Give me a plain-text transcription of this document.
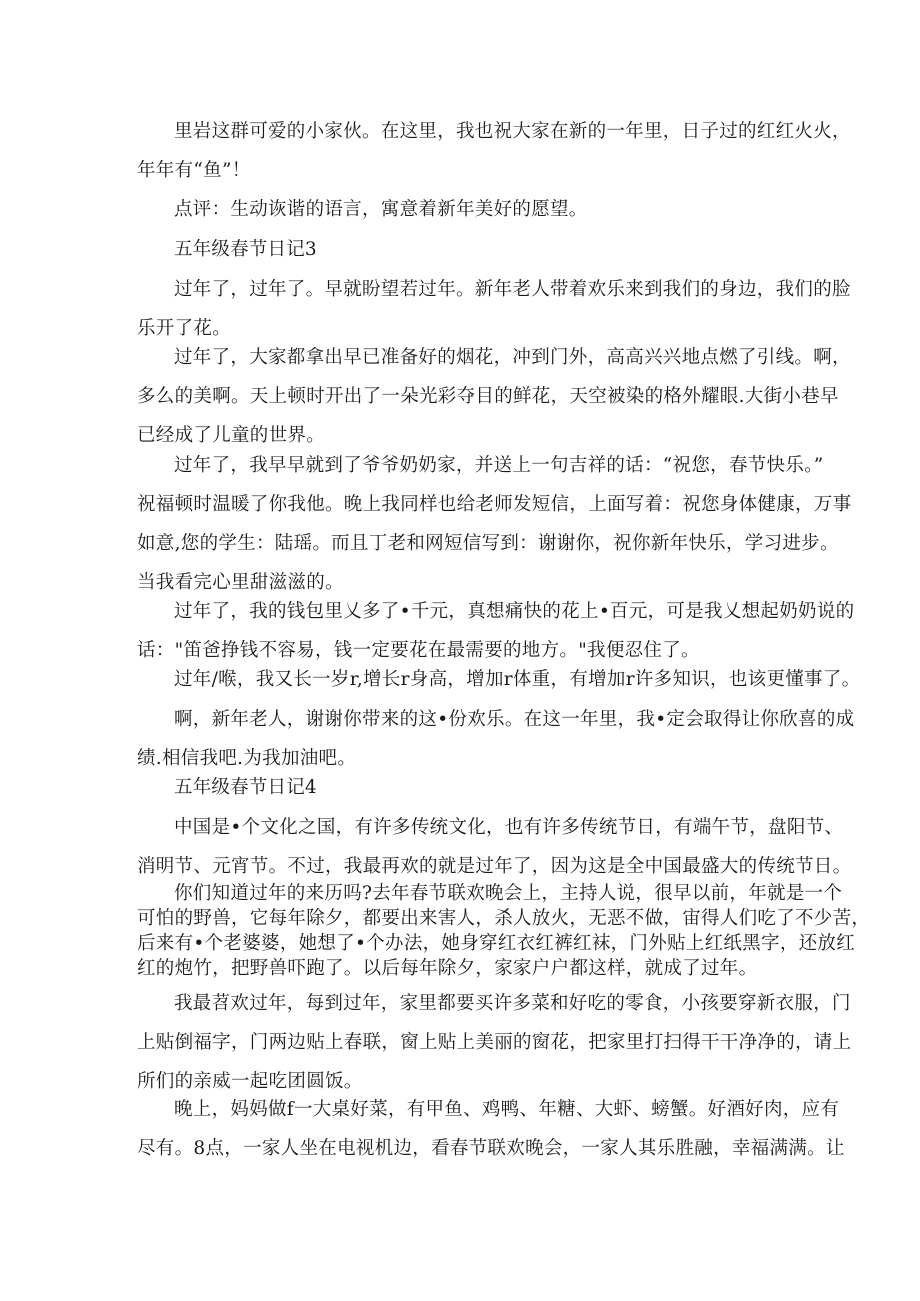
里岩这群可爱的小家伙。在这里，我也祝大家在新的一年里，日子过的红红火火，
年年有“鱼”！
点评：生动诙谐的语言，寓意着新年美好的愿望。
五年级春节日记3
过年了，过年了。早就盼望若过年。新年老人带着欢乐来到我们的身边，我们的脸
乐开了花。
过年了，大家都拿出早已准备好的烟花，冲到门外，高高兴兴地点燃了引线。啊，
多么的美啊。天上顿时开出了一朵光彩夺目的鲜花，天空被染的格外耀眼.大街小巷早
已经成了儿童的世界。
过年了，我早早就到了爷爷奶奶家，并送上一句吉祥的话：“祝您，春节快乐。”
祝福顿时温暖了你我他。晚上我同样也给老师发短信，上面写着：祝您身体健康，万事
如意,您的学生：陆瑶。而且丁老和网短信写到：谢谢你，祝你新年快乐，学习进步。
当我看完心里甜滋滋的。
过年了，我的钱包里乂多了•千元，真想痛快的花上•百元，可是我乂想起奶奶说的
话："笛爸挣钱不容易，钱一定要花在最需要的地方。"我便忍住了。
过年/喉，我又长一岁r,增长r身高，增加r体重，有增加r许多知识，也该更懂事了。
啊，新年老人，谢谢你带来的这•份欢乐。在这一年里，我•定会取得让你欣喜的成
绩.相信我吧.为我加油吧。
五年级春节日记4
中国是•个文化之国，有许多传统文化，也有许多传统节日，有端午节，盘阳节、
消明节、元宵节。不过，我最再欢的就是过年了，因为这是全中国最盛大的传统节日。
你们知道过年的来历吗?去年春节联欢晚会上，主持人说，很早以前，年就是一个
可怕的野兽，它每年除夕，都要出来害人，杀人放火，无恶不做，宙得人们吃了不少苦，
后来有•个老婆婆，她想了•个办法，她身穿红衣红裤红袜，门外贴上红纸黑字，还放红
红的炮竹，把野兽吓跑了。以后每年除夕，家家户户都这样，就成了过年。
我最苕欢过年，每到过年，家里都要买许多菜和好吃的零食，小孩要穿新衣服，门
上贴倒福字，门两边贴上春联，窗上贴上美丽的窗花，把家里打扫得干干净净的，请上
所们的亲威一起吃团圆饭。
晚上，妈妈做f一大桌好菜，有甲鱼、鸡鸭、年糖、大虾、螃蟹。好酒好肉，应有
尽有。8点，一家人坐在电视机边，看春节联欢晚会，一家人其乐胜融，幸福满满。让
